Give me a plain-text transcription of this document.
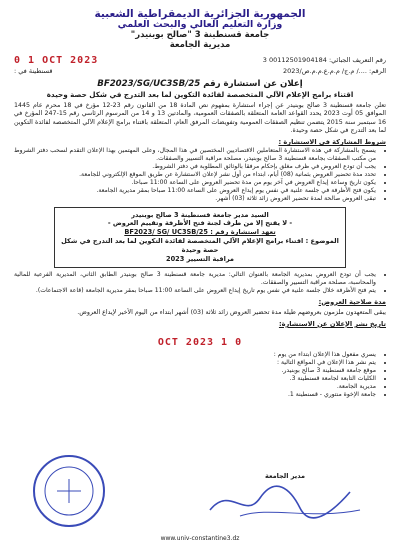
الجمهورية الجزائرية الديمقراطية الشعبية
وزارة التعليم العالي والبحث العلمي
جامعة قسنطينة 3 "صالح بوبنيدر"
مديرية الجامعة
رقم التعريف الجبائي: 00112501904184 3
0 1 OCT 2023
الرقم: ..../ م.ج/ م.م.ع.م.م.ص/2023
قسنطينة في :
إعلان عن استشارة رقم BF2023/SG/UC3SB/25
اقتناء برامج الإعلام الآلي المتخصصة لفائدة التكوين لما بعد التدرج في شكل حصة وحيدة
تعلن جامعة قسنطينة 3 صالح بوبنيدر عن إجراء استشارة بمفهوم نص المادة 18 من القانون رقم 23-12 مؤرخ في 18 محرم عام 1445 الموافق 05 أوت 2023 يحدد القواعد العامة المتعلقة بالصفقات العمومية، والمادتين 13 و 14 من المرسوم الرئاسي رقم 15-247 المؤرخ في 16 سبتمبر سنة 2015 يتضمن تنظيم الصفقات العمومية وتفويضات المرفق العام، المتعلقة باقتناء برامج الإعلام الآلي المتخصصة لفائدة التكوين لما بعد التدرج في شكل حصة وحيدة.
شروط المشاركة في الاستشارة :
• يسمح بالمشاركة في هذه الاستشارة المتعاملين الاقتصاديين المختصين في هذا المجال، وعلى المهتمين بهذا الإعلان التقدم لسحب دفتر الشروط من مكتب الصفقات بجامعة قسنطينة 3 صالح بوبنيدر، مصلحة مراقبة التسيير والصفقات.
• يجب أن تودع العروض في ظرف مغلق بإحكام مرفقا بالوثائق المطلوبة في دفتر الشروط.
• تحدد مدة تحضير العروض بثمانية (08) أيام، ابتداء من أول نشر لإعلان الاستشارة عن طريق الموقع الإلكتروني للجامعة.
• يكون تاريخ وساعة إيداع العروض في آخر يوم من مدة تحضير العروض على الساعة 11:00 صباحا.
• يكون فتح الأظرفة في جلسة علنية في نفس يوم إيداع العروض على الساعة 11:00 صباحا بمقر مديرية الجامعة.
• تبقى العروض صالحة لمدة تحضير العروض زائد ثلاثة (03) أشهر.
السيد مدير جامعة قسنطينة 3 صالح بوبنيدر
- لا يفتح إلا من طرف لجنة فتح الأظرفة وتقييم العروض -
تعهد استشارة رقم : BF2023/ SG/ UC3SB/25
الموضوع : اقتناء برامج الإعلام الآلي المتخصصة لفائدة التكوين لما بعد التدرج في شكل حصة وحيدة
مراقبة التسيير 2023
• يجب أن تودع العروض بمديرية الجامعة بالعنوان التالي: مديرية جامعة قسنطينة 3 صالح بوبنيدر الطابق الثاني، المديرية الفرعية للمالية والمحاسبة، مصلحة مراقبة التسيير والصفقات.
• يتم فتح الأظرفة خلال جلسة علنية في نفس يوم تاريخ إيداع العروض على الساعة 11:00 صباحا بمقر مديرية الجامعة (قاعة الاجتماعات).
مدة صلاحية العروض:
يبقى المتعهدون ملزمون بعروضهم طيلة مدة تحضير العروض زائد ثلاثة (03) أشهر ابتداء من اليوم الأخير لإيداع العروض.
تاريخ نشر الإعلان عن الاستشارة:
0 1 OCT 2023
• يسري مفعول هذا الإعلان ابتداء من يوم :
• يتم نشر هذا الإعلان في المواقع التالية :
• موقع جامعة قسنطينة 3 صالح بوبنيدر.
• الكليات التابعة لجامعة قسنطينة 3.
• مديرية الجامعة.
• جامعة الإخوة منتوري - قسنطينة 1.
مدير الجامعة
www.univ-constantine3.dz
